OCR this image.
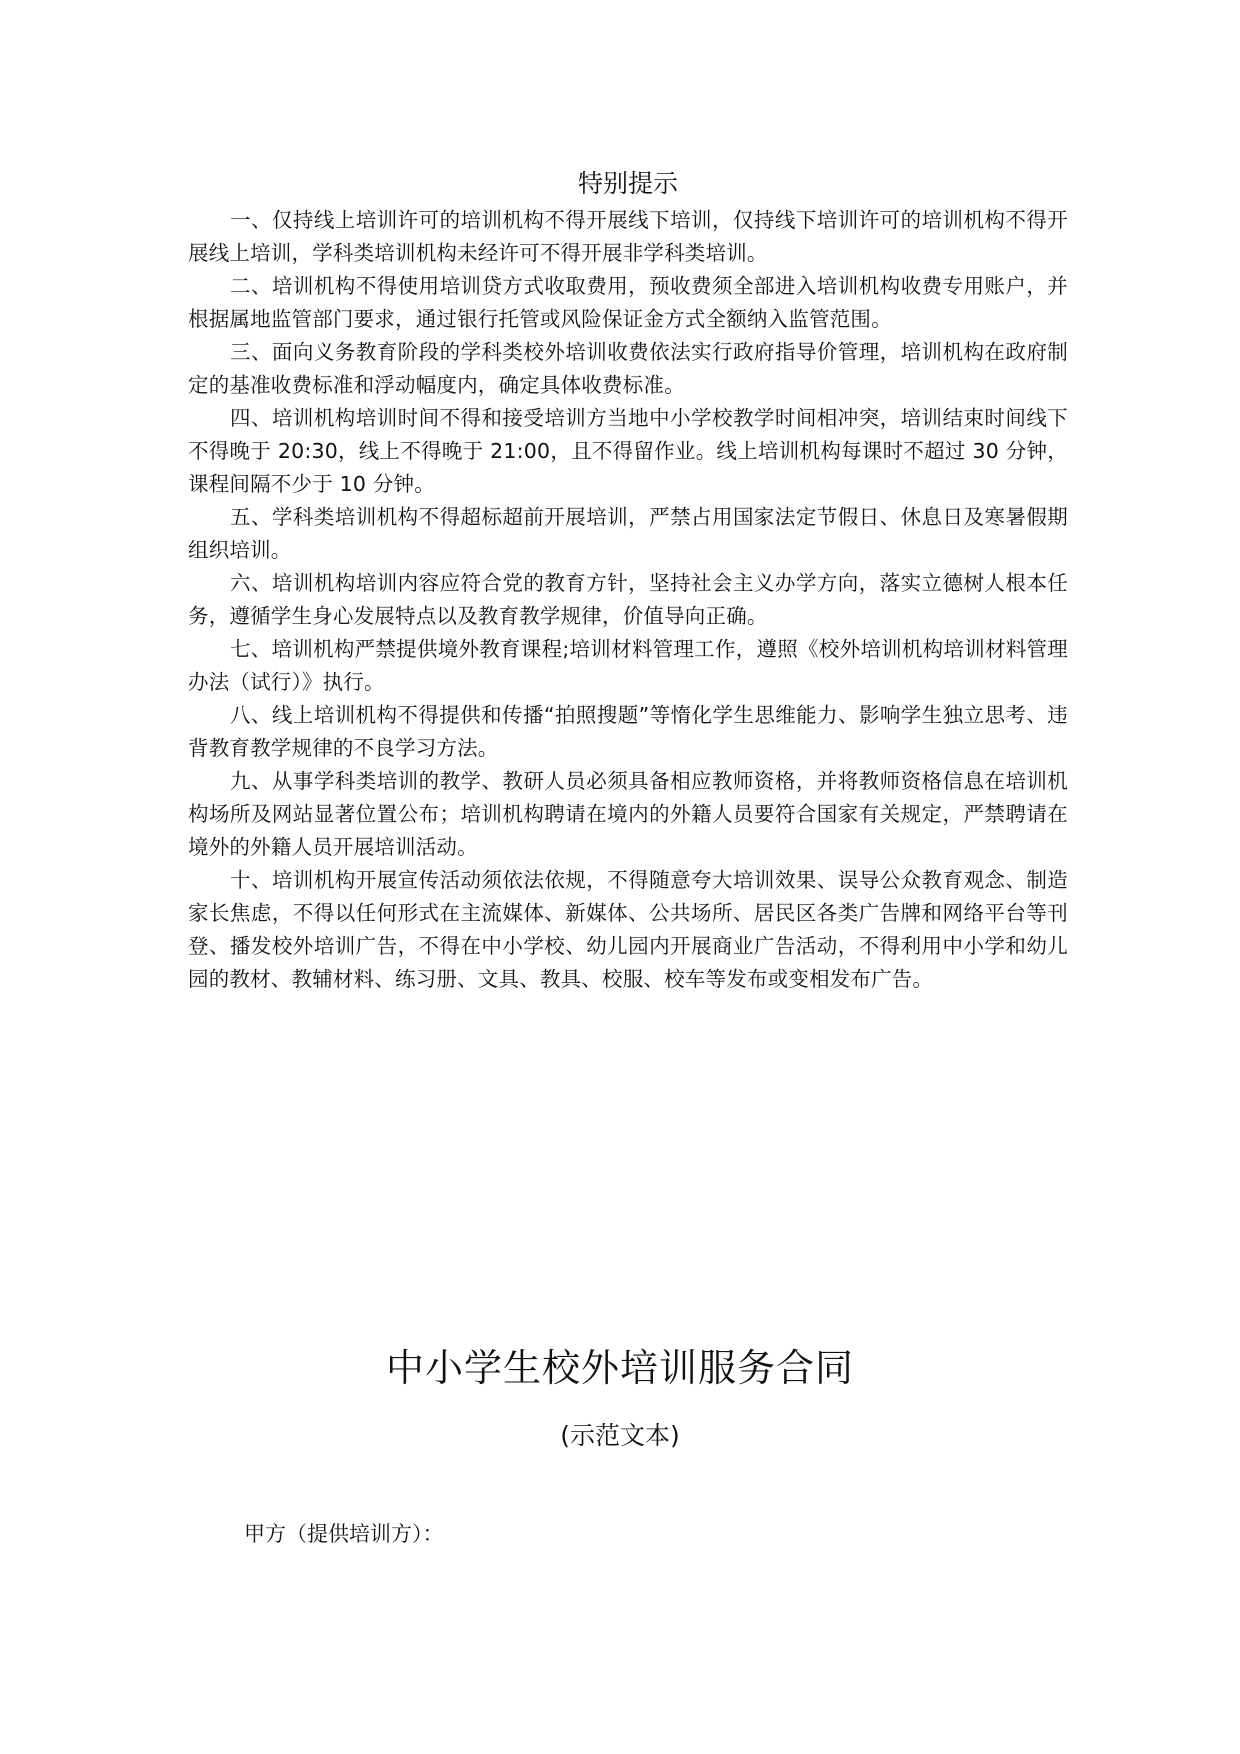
特别提示

一、仅持线上培训许可的培训机构不得开展线下培训，仅持线下培训许可的培训机构不得开展线上培训，学科类培训机构未经许可不得开展非学科类培训。

二、培训机构不得使用培训贷方式收取费用，预收费须全部进入培训机构收费专用账户，并根据属地监管部门要求，通过银行托管或风险保证金方式全额纳入监管范围。

三、面向义务教育阶段的学科类校外培训收费依法实行政府指导价管理，培训机构在政府制定的基准收费标准和浮动幅度内，确定具体收费标准。

四、培训机构培训时间不得和接受培训方当地中小学校教学时间相冲突，培训结束时间线下不得晚于 20:30，线上不得晚于 21:00，且不得留作业。线上培训机构每课时不超过 30 分钟，课程间隔不少于 10 分钟。

五、学科类培训机构不得超标超前开展培训，严禁占用国家法定节假日、休息日及寒暑假期组织培训。

六、培训机构培训内容应符合党的教育方针，坚持社会主义办学方向，落实立德树人根本任务，遵循学生身心发展特点以及教育教学规律，价值导向正确。

七、培训机构严禁提供境外教育课程;培训材料管理工作，遵照《校外培训机构培训材料管理办法（试行）》执行。

八、线上培训机构不得提供和传播“拍照搜题”等惰化学生思维能力、影响学生独立思考、违背教育教学规律的不良学习方法。

九、从事学科类培训的教学、教研人员必须具备相应教师资格，并将教师资格信息在培训机构场所及网站显著位置公布；培训机构聘请在境内的外籍人员要符合国家有关规定，严禁聘请在境外的外籍人员开展培训活动。

十、培训机构开展宣传活动须依法依规，不得随意夸大培训效果、误导公众教育观念、制造家长焦虑，不得以任何形式在主流媒体、新媒体、公共场所、居民区各类广告牌和网络平台等刊登、播发校外培训广告，不得在中小学校、幼儿园内开展商业广告活动，不得利用中小学和幼儿园的教材、教辅材料、练习册、文具、教具、校服、校车等发布或变相发布广告。

中小学生校外培训服务合同
(示范文本)
甲方（提供培训方）：
